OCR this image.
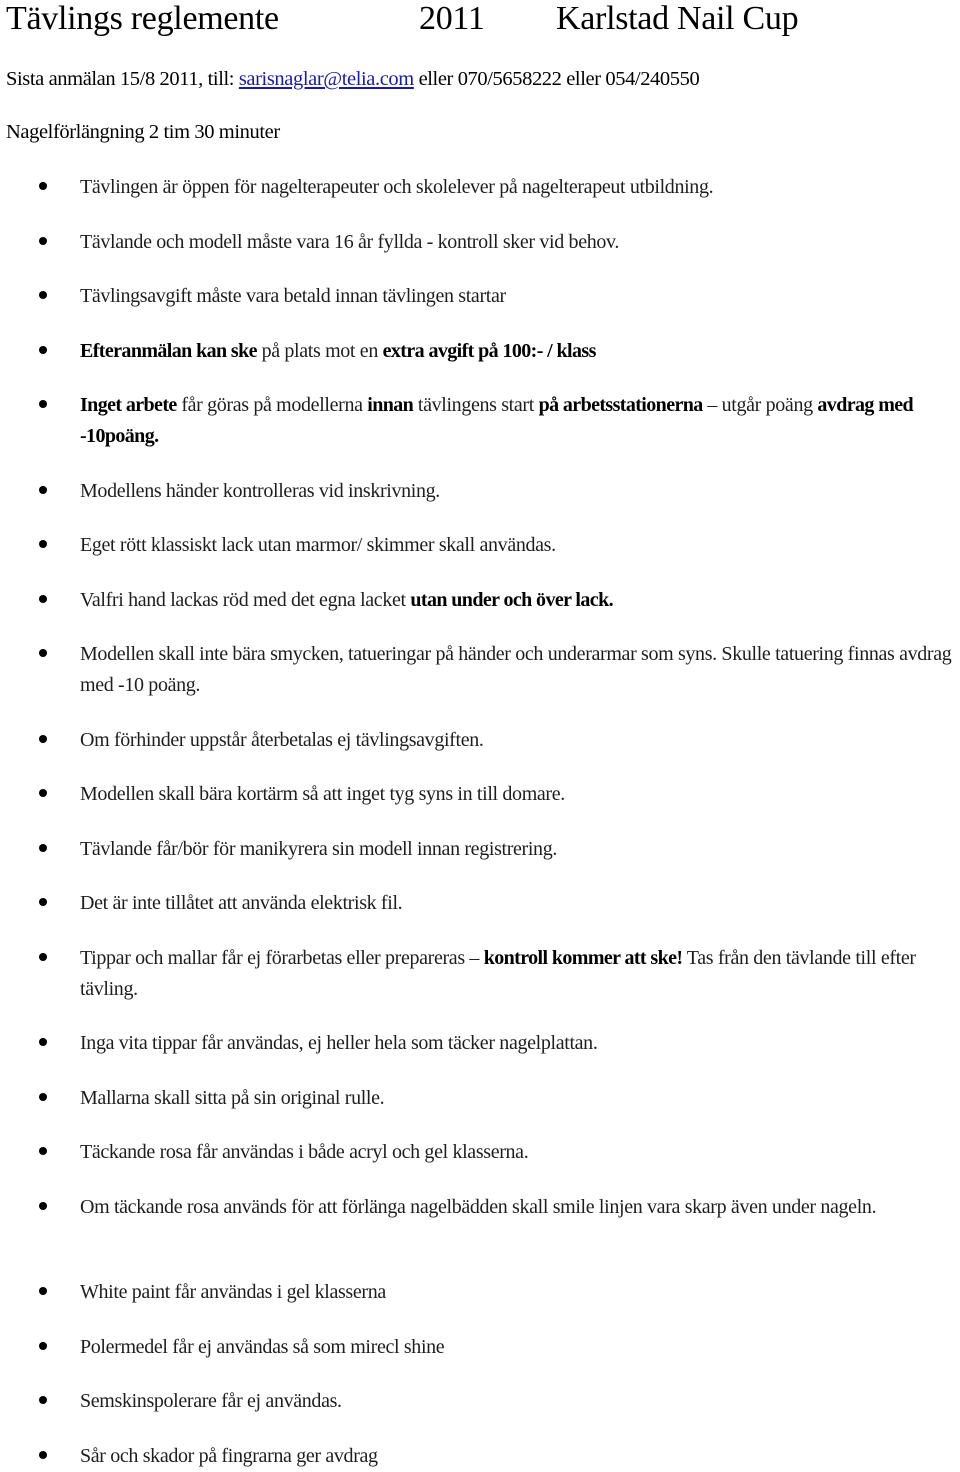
Tävlings reglemente	2011 Karlstad Nail Cup
Sista anmälan 15/8 2011, till: sarisnaglar@telia.com eller 070/5658222 eller 054/240550
Nagelförlängning 2 tim 30 minuter
Tävlingen är öppen för nagelterapeuter och skolelever på nagelterapeut utbildning.
Tävlande och modell måste vara 16 år fyllda - kontroll sker vid behov.
Tävlingsavgift måste vara betald innan tävlingen startar
Efteranmälan kan ske på plats mot en extra avgift på 100:- / klass
Inget arbete får göras på modellerna innan tävlingens start på arbetsstationerna – utgår poäng avdrag med -10poäng.
Modellens händer kontrolleras vid inskrivning.
Eget rött klassiskt lack utan marmor/ skimmer skall användas.
Valfri hand lackas röd med det egna lacket utan under och över lack.
Modellen skall inte bära smycken, tatueringar på händer och underarmar som syns. Skulle tatuering finnas avdrag med -10 poäng.
Om förhinder uppstår återbetalas ej tävlingsavgiften.
Modellen skall bära kortärm så att inget tyg syns in till domare.
Tävlande får/bör för manikyrera sin modell innan registrering.
Det är inte tillåtet att använda elektrisk fil.
Tippar och mallar får ej förarbetas eller prepareras – kontroll kommer att ske! Tas från den tävlande till efter tävling.
Inga vita tippar får användas, ej heller hela som täcker nagelplattan.
Mallarna skall sitta på sin original rulle.
Täckande rosa får användas i både acryl och gel klasserna.
Om täckande rosa används för att förlänga nagelbädden skall smile linjen vara skarp även under nageln.
White paint får användas i gel klasserna
Polermedel får ej användas så som mirecl shine
Semskinspolerare får ej användas.
Sår och skador på fingrarna ger avdrag
